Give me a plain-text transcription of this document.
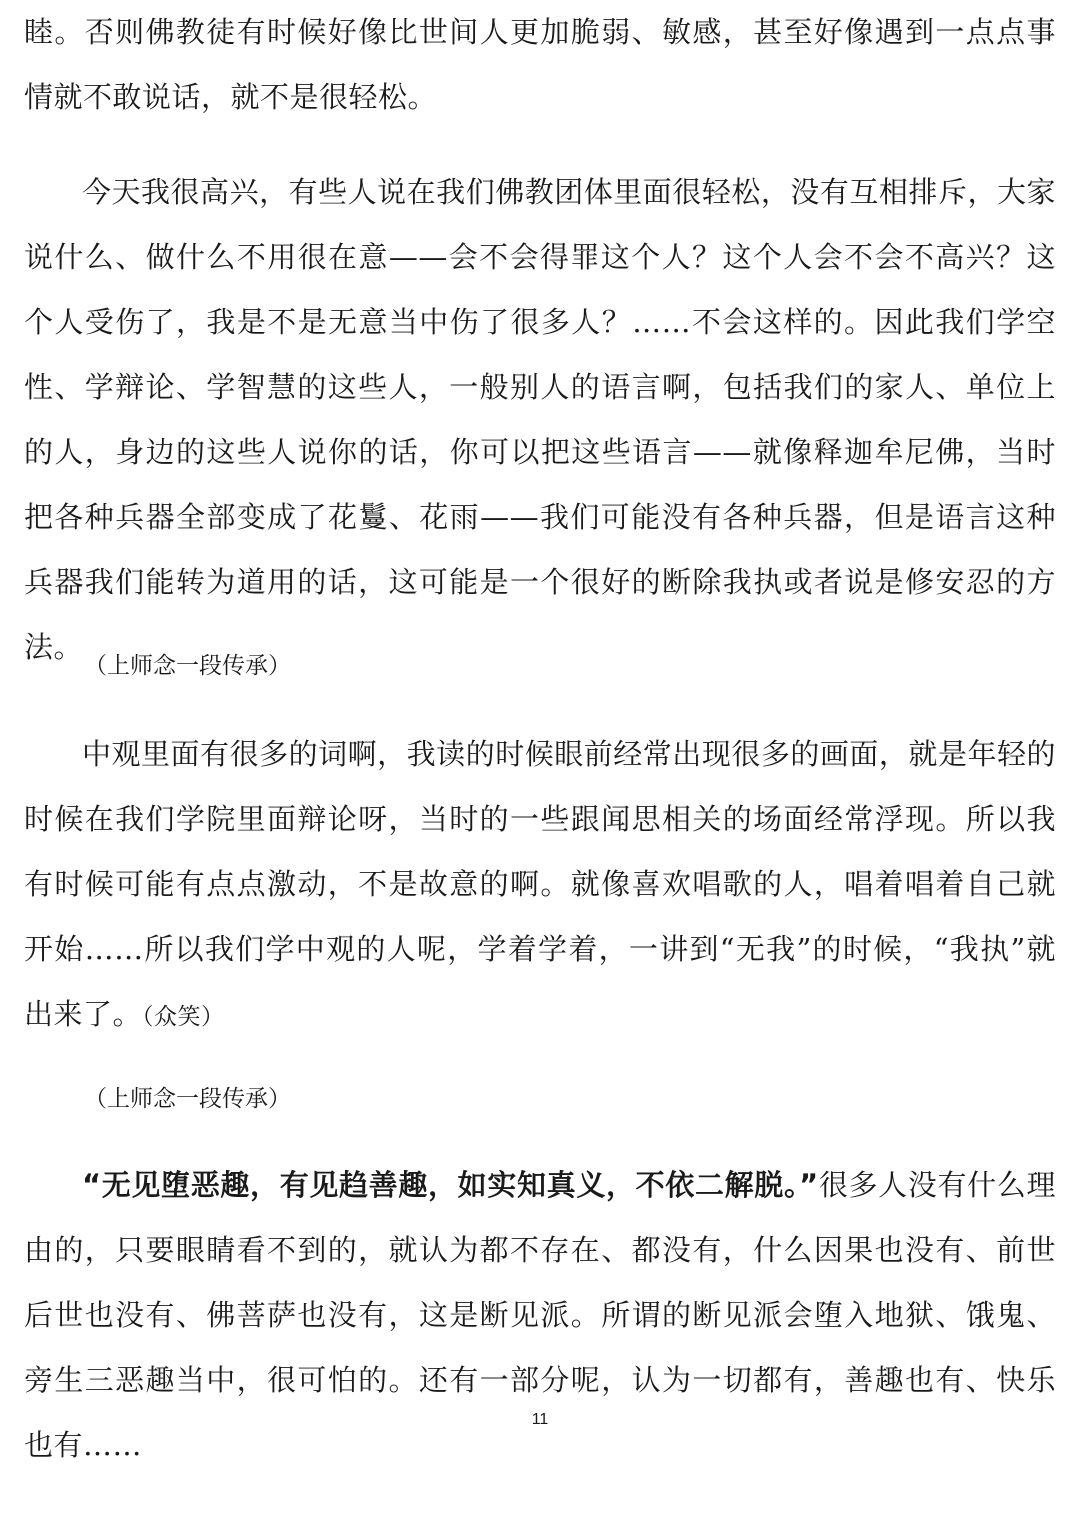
睦。否则佛教徒有时候好像比世间人更加脆弱、敏感，甚至好像遇到一点点事情就不敢说话，就不是很轻松。

今天我很高兴，有些人说在我们佛教团体里面很轻松，没有互相排斥，大家说什么、做什么不用很在意——会不会得罪这个人？这个人会不会不高兴？这个人受伤了，我是不是无意当中伤了很多人？……不会这样的。因此我们学空性、学辩论、学智慧的这些人，一般别人的语言啊，包括我们的家人、单位上的人，身边的这些人说你的话，你可以把这些语言——就像释迦牟尼佛，当时把各种兵器全部变成了花鬘、花雨——我们可能没有各种兵器，但是语言这种兵器我们能转为道用的话，这可能是一个很好的断除我执或者说是修安忍的方法。

（上师念一段传承）

中观里面有很多的词啊，我读的时候眼前经常出现很多的画面，就是年轻的时候在我们学院里面辩论呀，当时的一些跟闻思相关的场面经常浮现。所以我有时候可能有点点激动，不是故意的啊。就像喜欢唱歌的人，唱着唱着自己就开始……所以我们学中观的人呢，学着学着，一讲到“无我”的时候，“我执”就出来了。（众笑）

（上师念一段传承）

“无见堕恶趣，有见趋善趣，如实知真义，不依二解脱。”很多人没有什么理由的，只要眼睛看不到的，就认为都不存在、都没有，什么因果也没有、前世后世也没有、佛菩萨也没有，这是断见派。所谓的断见派会堕入地狱、饿鬼、旁生三恶趣当中，很可怕的。还有一部分呢，认为一切都有，善趣也有、快乐也有……

11
